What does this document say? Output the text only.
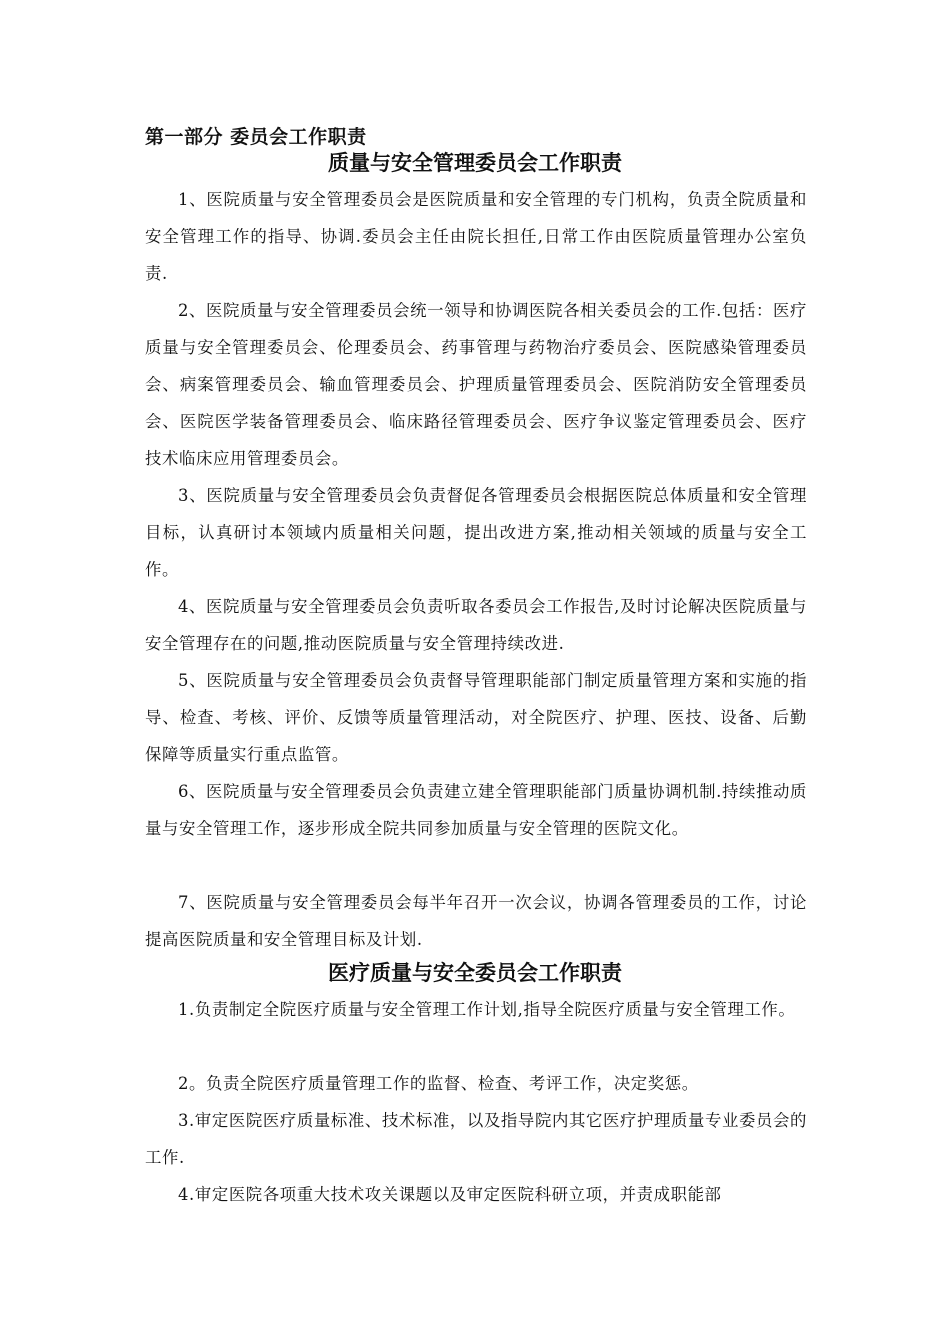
第一部分 委员会工作职责
质量与安全管理委员会工作职责
1、医院质量与安全管理委员会是医院质量和安全管理的专门机构，负责全院质量和安全管理工作的指导、协调.委员会主任由院长担任,日常工作由医院质量管理办公室负责.
2、医院质量与安全管理委员会统一领导和协调医院各相关委员会的工作.包括：医疗质量与安全管理委员会、伦理委员会、药事管理与药物治疗委员会、医院感染管理委员会、病案管理委员会、输血管理委员会、护理质量管理委员会、医院消防安全管理委员会、医院医学装备管理委员会、临床路径管理委员会、医疗争议鉴定管理委员会、医疗技术临床应用管理委员会。
3、医院质量与安全管理委员会负责督促各管理委员会根据医院总体质量和安全管理目标，认真研讨本领域内质量相关问题，提出改进方案,推动相关领域的质量与安全工作。
4、医院质量与安全管理委员会负责听取各委员会工作报告,及时讨论解决医院质量与安全管理存在的问题,推动医院质量与安全管理持续改进.
5、医院质量与安全管理委员会负责督导管理职能部门制定质量管理方案和实施的指导、检查、考核、评价、反馈等质量管理活动，对全院医疗、护理、医技、设备、后勤保障等质量实行重点监管。
6、医院质量与安全管理委员会负责建立建全管理职能部门质量协调机制.持续推动质量与安全管理工作，逐步形成全院共同参加质量与安全管理的医院文化。
7、医院质量与安全管理委员会每半年召开一次会议，协调各管理委员的工作，讨论提高医院质量和安全管理目标及计划.
医疗质量与安全委员会工作职责
1.负责制定全院医疗质量与安全管理工作计划,指导全院医疗质量与安全管理工作。
2。负责全院医疗质量管理工作的监督、检查、考评工作，决定奖惩。
3.审定医院医疗质量标准、技术标准，以及指导院内其它医疗护理质量专业委员会的工作.
4.审定医院各项重大技术攻关课题以及审定医院科研立项，并责成职能部
